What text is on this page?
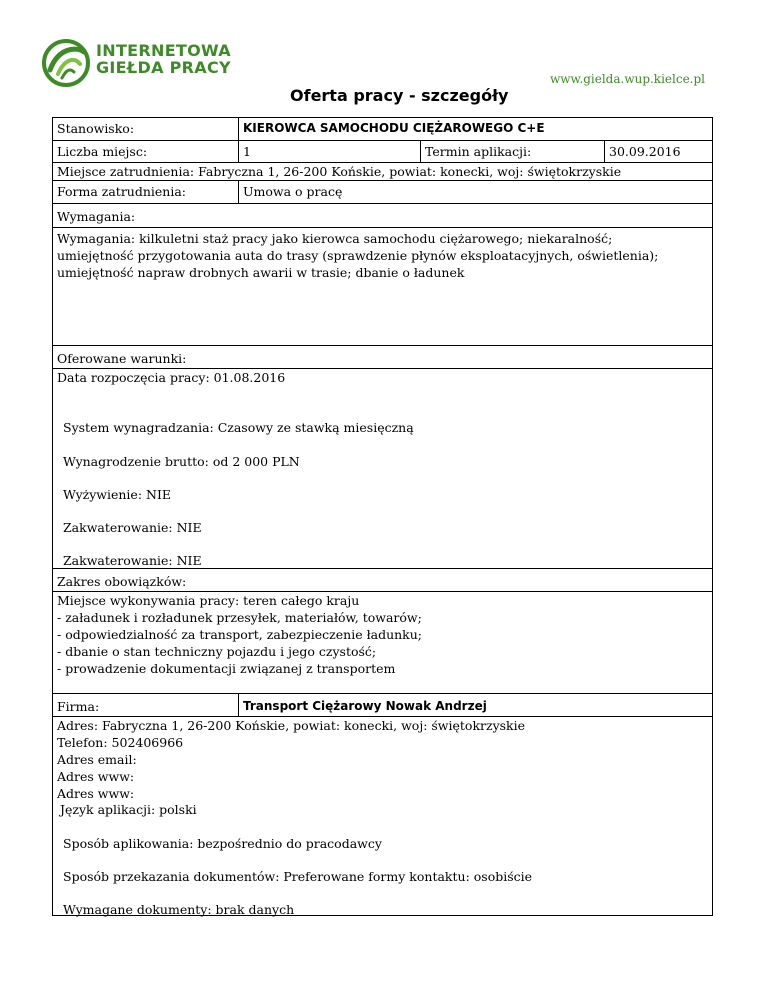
INTERNETOWA
GIEŁDA PRACY
www.gielda.wup.kielce.pl
Oferta pracy - szczegóły
Stanowisko:	KIEROWCA SAMOCHODU CIĘŻAROWEGO C+E
Liczba miejsc:	1	Termin aplikacji:	30.09.2016
Miejsce zatrudnienia: Fabryczna 1, 26-200 Końskie, powiat: konecki, woj: świętokrzyskie
Forma zatrudnienia:	Umowa o pracę
Wymagania:
Wymagania: kilkuletni staż pracy jako kierowca samochodu ciężarowego; niekaralność;
umiejętność przygotowania auta do trasy (sprawdzenie płynów eksploatacyjnych, oświetlenia);
umiejętność napraw drobnych awarii w trasie; dbanie o ładunek
Oferowane warunki:
Data rozpoczęcia pracy: 01.08.2016
System wynagradzania: Czasowy ze stawką miesięczną
Wynagrodzenie brutto: od 2 000 PLN
Wyżywienie: NIE
Zakwaterowanie: NIE
Zakwaterowanie: NIE
Zakres obowiązków:
Miejsce wykonywania pracy: teren całego kraju
- załadunek i rozładunek przesyłek, materiałów, towarów;
- odpowiedzialność za transport, zabezpieczenie ładunku;
- dbanie o stan techniczny pojazdu i jego czystość;
- prowadzenie dokumentacji związanej z transportem
Firma:	Transport Ciężarowy Nowak Andrzej
Adres: Fabryczna 1, 26-200 Końskie, powiat: konecki, woj: świętokrzyskie
Telefon: 502406966
Adres email:
Adres www:
Adres www:
Język aplikacji: polski
Sposób aplikowania: bezpośrednio do pracodawcy
Sposób przekazania dokumentów: Preferowane formy kontaktu: osobiście
Wymagane dokumenty: brak danych
